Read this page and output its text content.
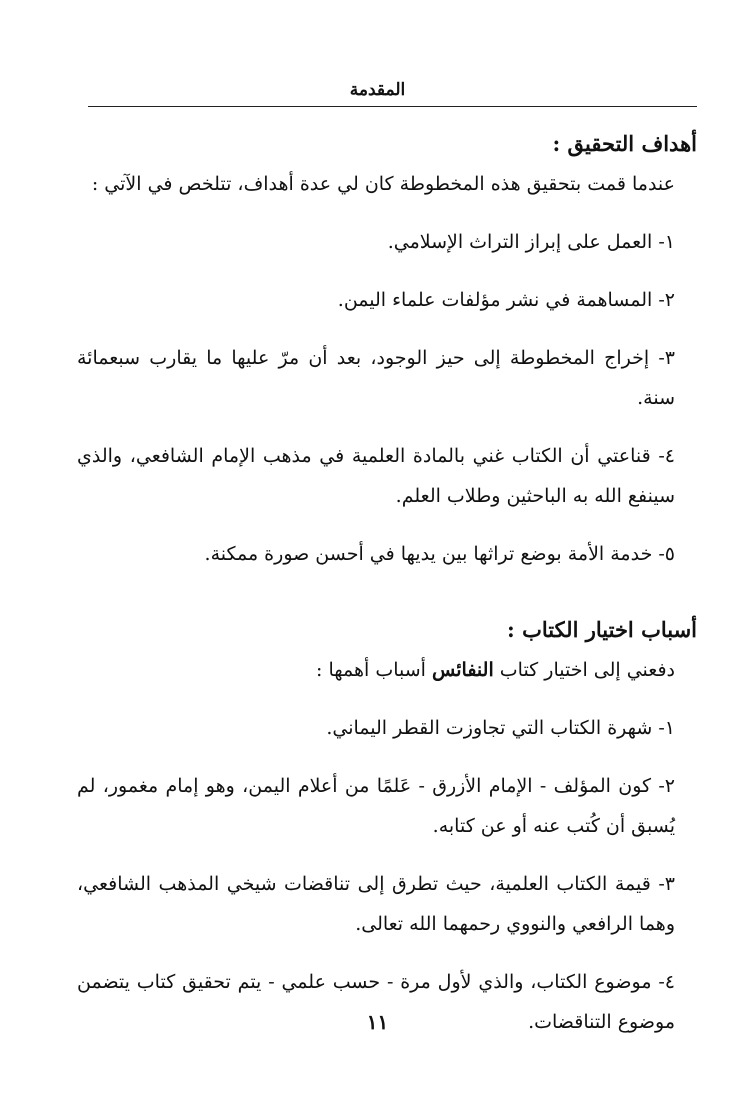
المقدمة

أهداف التحقيق :

عندما قمت بتحقيق هذه المخطوطة كان لي عدة أهداف، تتلخص في الآتي :

١- العمل على إبراز التراث الإسلامي.

٢- المساهمة في نشر مؤلفات علماء اليمن.

٣- إخراج المخطوطة إلى حيز الوجود، بعد أن مرّ عليها ما يقارب سبعمائة سنة.

٤- قناعتي أن الكتاب غني بالمادة العلمية في مذهب الإمام الشافعي، والذي سينفع الله به الباحثين وطلاب العلم.

٥- خدمة الأمة بوضع تراثها بين يديها في أحسن صورة ممكنة.

أسباب اختيار الكتاب :

دفعني إلى اختيار كتاب النفائس أسباب أهمها :

١- شهرة الكتاب التي تجاوزت القطر اليماني.

٢- كون المؤلف - الإمام الأزرق - عَلمًا من أعلام اليمن، وهو إمام مغمور، لم يُسبق أن كُتب عنه أو عن كتابه.

٣- قيمة الكتاب العلمية، حيث تطرق إلى تناقضات شيخي المذهب الشافعي، وهما الرافعي والنووي رحمهما الله تعالى.

٤- موضوع الكتاب، والذي لأول مرة - حسب علمي - يتم تحقيق كتاب يتضمن موضوع التناقضات.

١١
